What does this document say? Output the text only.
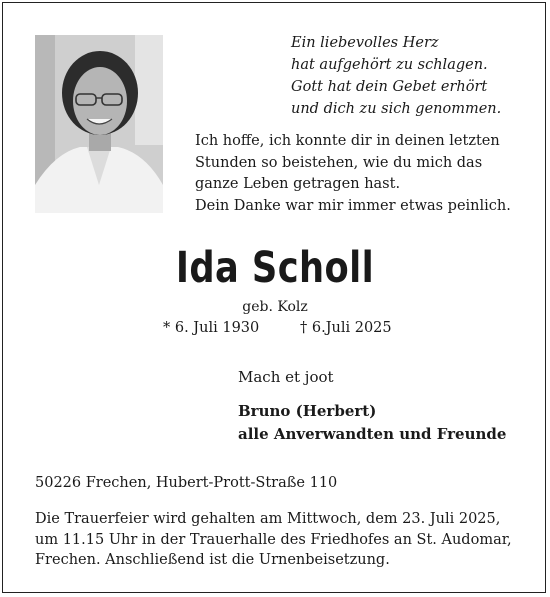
Ein liebevolles Herz
hat aufgehört zu schlagen.
Gott hat dein Gebet erhört
und dich zu sich genommen.
Ich hoffe, ich konnte dir in deinen letzten
Stunden so beistehen, wie du mich das
ganze Leben getragen hast.
Dein Danke war mir immer etwas peinlich.
Ida Scholl
geb. Kolz
* 6. Juli 1930	† 6.Juli 2025
Mach et joot
Bruno (Herbert)
alle Anverwandten und Freunde
50226 Frechen, Hubert-Prott-Straße 110
Die Trauerfeier wird gehalten am Mittwoch, dem 23. Juli 2025,
um 11.15 Uhr in der Trauerhalle des Friedhofes an St. Audomar,
Frechen. Anschließend ist die Urnenbeisetzung.
